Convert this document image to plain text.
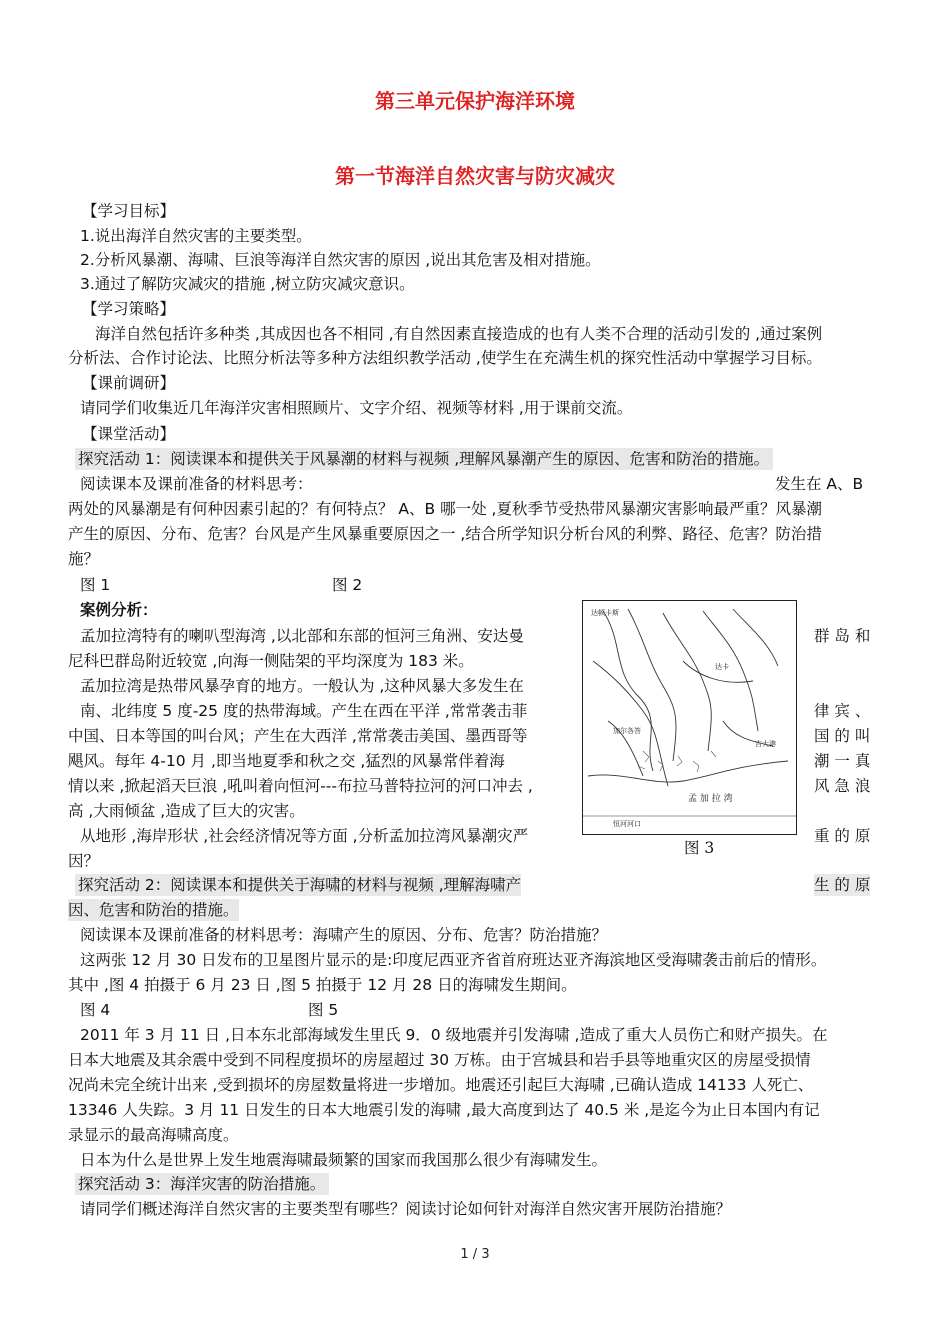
第三单元保护海洋环境
第一节海洋自然灾害与防灾减灾
【学习目标】
1.说出海洋自然灾害的主要类型。
2.分析风暴潮、海啸、巨浪等海洋自然灾害的原因 ,说出其危害及相对措施。
3.通过了解防灾减灾的措施 ,树立防灾减灾意识。
【学习策略】
海洋自然包括许多种类 ,其成因也各不相同 ,有自然因素直接造成的也有人类不合理的活动引发的 ,通过案例
分析法、合作讨论法、比照分析法等多种方法组织教学活动 ,使学生在充满生机的探究性活动中掌握学习目标。
【课前调研】
请同学们收集近几年海洋灾害相照顾片、文字介绍、视频等材料 ,用于课前交流。
【课堂活动】
探究活动 1：阅读课本和提供关于风暴潮的材料与视频 ,理解风暴潮产生的原因、危害和防治的措施。
阅读课本及课前准备的材料思考：	发生在 A、B
两处的风暴潮是有何种因素引起的？有何特点？ A、B 哪一处 ,夏秋季节受热带风暴潮灾害影响最严重？风暴潮
产生的原因、分布、危害？台风是产生风暴重要原因之一 ,结合所学知识分析台风的利弊、路径、危害？防治措
施？
图 1	图 2
案例分析：
孟加拉湾特有的喇叭型海湾 ,以北部和东部的恒河三角洲、安达曼	群 岛 和
尼科巴群岛附近较宽 ,向海一侧陆架的平均深度为 183 米。
孟加拉湾是热带风暴孕育的地方。一般认为 ,这种风暴大多发生在
南、北纬度 5 度-25 度的热带海域。产生在西在平洋 ,常常袭击菲	律 宾 、
中国、日本等国的叫台风；产生在大西洋 ,常常袭击美国、墨西哥等	国 的 叫
飓风。每年 4-10 月 ,即当地夏季和秋之交 ,猛烈的风暴常伴着海	潮 一 真
情以来 ,掀起滔天巨浪 ,吼叫着向恒河---布拉马普特拉河的河口冲去 ,	风 急 浪
高 ,大雨倾盆 ,造成了巨大的灾害。
从地形 ,海岸形状 ,社会经济情况等方面 ,分析孟加拉湾风暴潮灾严	重 的 原
因？
达顿卡斯
达卡
加尔各答
吉大港
孟 加 拉 湾
恒河河口
图 3
探究活动 2：阅读课本和提供关于海啸的材料与视频 ,理解海啸产	生 的 原
因、危害和防治的措施。
阅读课本及课前准备的材料思考：海啸产生的原因、分布、危害？防治措施？
这两张 12 月 30 日发布的卫星图片显示的是:印度尼西亚齐省首府班达亚齐海滨地区受海啸袭击前后的情形。
其中 ,图 4 拍摄于 6 月 23 日 ,图 5 拍摄于 12 月 28 日的海啸发生期间。
图 4	图 5
2011 年 3 月 11 日 ,日本东北部海域发生里氏 9．0 级地震并引发海啸 ,造成了重大人员伤亡和财产损失。在
日本大地震及其余震中受到不同程度损坏的房屋超过 30 万栋。由于宫城县和岩手县等地重灾区的房屋受损情
况尚未完全统计出来 ,受到损坏的房屋数量将进一步增加。地震还引起巨大海啸 ,已确认造成 14133 人死亡、
13346 人失踪。3 月 11 日发生的日本大地震引发的海啸 ,最大高度到达了 40.5 米 ,是迄今为止日本国内有记
录显示的最高海啸高度。
日本为什么是世界上发生地震海啸最频繁的国家而我国那么很少有海啸发生。
探究活动 3：海洋灾害的防治措施。
请同学们概述海洋自然灾害的主要类型有哪些？阅读讨论如何针对海洋自然灾害开展防治措施？
1 / 3
